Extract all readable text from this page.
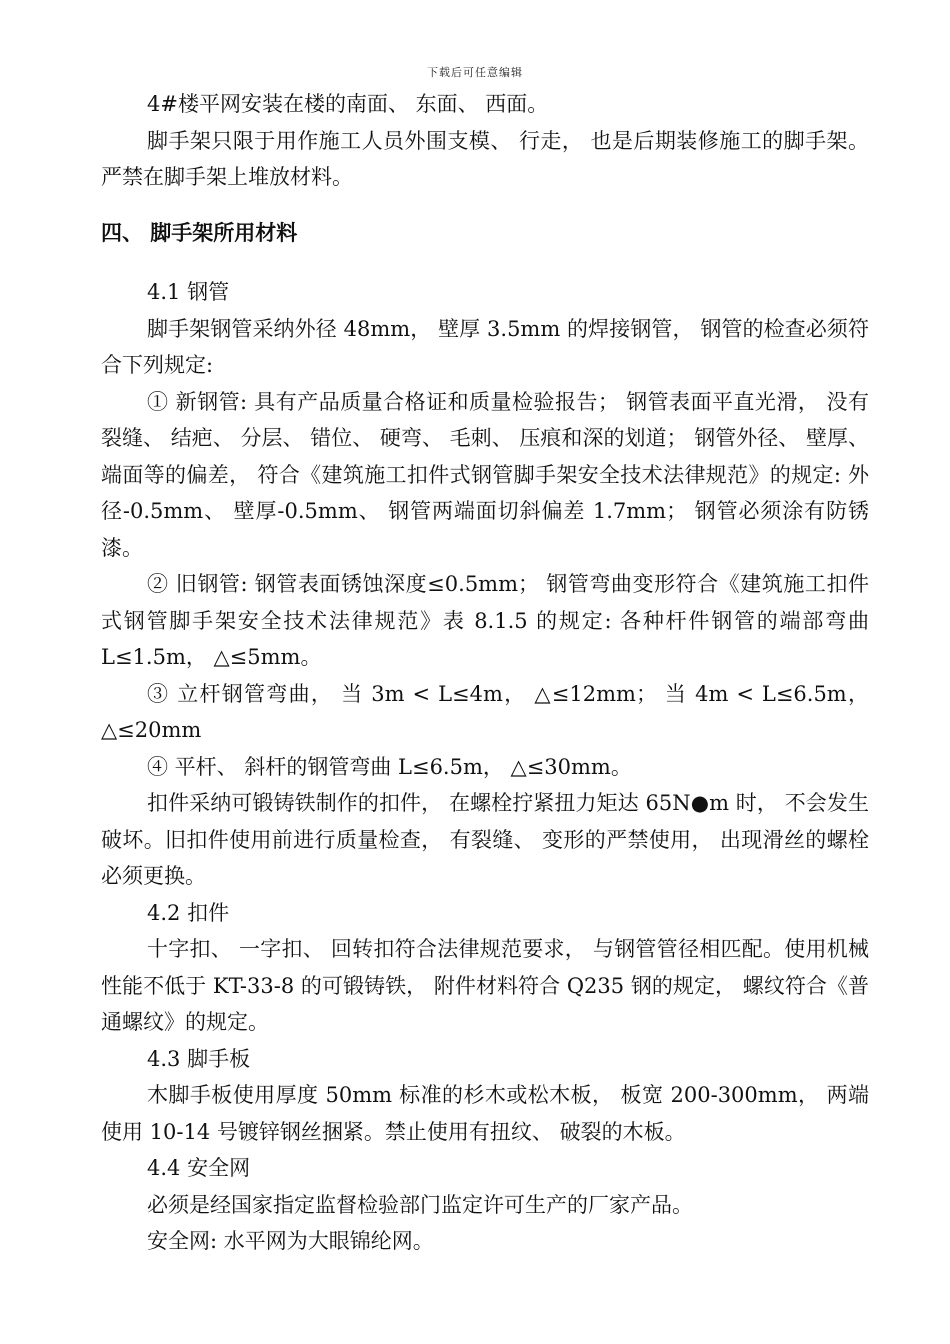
下载后可任意编辑

4#楼平网安装在楼的南面、 东面、 西面。

脚手架只限于用作施工人员外围支模、 行走， 也是后期装修施工的脚手架。严禁在脚手架上堆放材料。

四、 脚手架所用材料

4.1 钢管

脚手架钢管采纳外径 48mm， 壁厚 3.5mm 的焊接钢管， 钢管的检查必须符合下列规定:

① 新钢管: 具有产品质量合格证和质量检验报告； 钢管表面平直光滑， 没有裂缝、 结疤、 分层、 错位、 硬弯、 毛刺、 压痕和深的划道； 钢管外径、 壁厚、 端面等的偏差， 符合《建筑施工扣件式钢管脚手架安全技术法律规范》的规定: 外径-0.5mm、 壁厚-0.5mm、 钢管两端面切斜偏差 1.7mm； 钢管必须涂有防锈漆。

② 旧钢管: 钢管表面锈蚀深度≤0.5mm； 钢管弯曲变形符合《建筑施工扣件式钢管脚手架安全技术法律规范》表 8.1.5 的规定: 各种杆件钢管的端部弯曲 L≤1.5m， △≤5mm。

③ 立杆钢管弯曲， 当 3m < L≤4m， △≤12mm； 当 4m < L≤6.5m， △≤20mm

④ 平杆、 斜杆的钢管弯曲 L≤6.5m， △≤30mm。

扣件采纳可锻铸铁制作的扣件， 在螺栓拧紧扭力矩达 65N●m 时， 不会发生破坏。旧扣件使用前进行质量检查， 有裂缝、 变形的严禁使用， 出现滑丝的螺栓必须更换。

4.2 扣件

十字扣、 一字扣、 回转扣符合法律规范要求， 与钢管管径相匹配。使用机械性能不低于 KT-33-8 的可锻铸铁， 附件材料符合 Q235 钢的规定， 螺纹符合《普通螺纹》的规定。

4.3 脚手板

木脚手板使用厚度 50mm 标准的杉木或松木板， 板宽 200-300mm， 两端使用 10-14 号镀锌钢丝捆紧。禁止使用有扭纹、 破裂的木板。

4.4 安全网

必须是经国家指定监督检验部门监定许可生产的厂家产品。

安全网: 水平网为大眼锦纶网。
